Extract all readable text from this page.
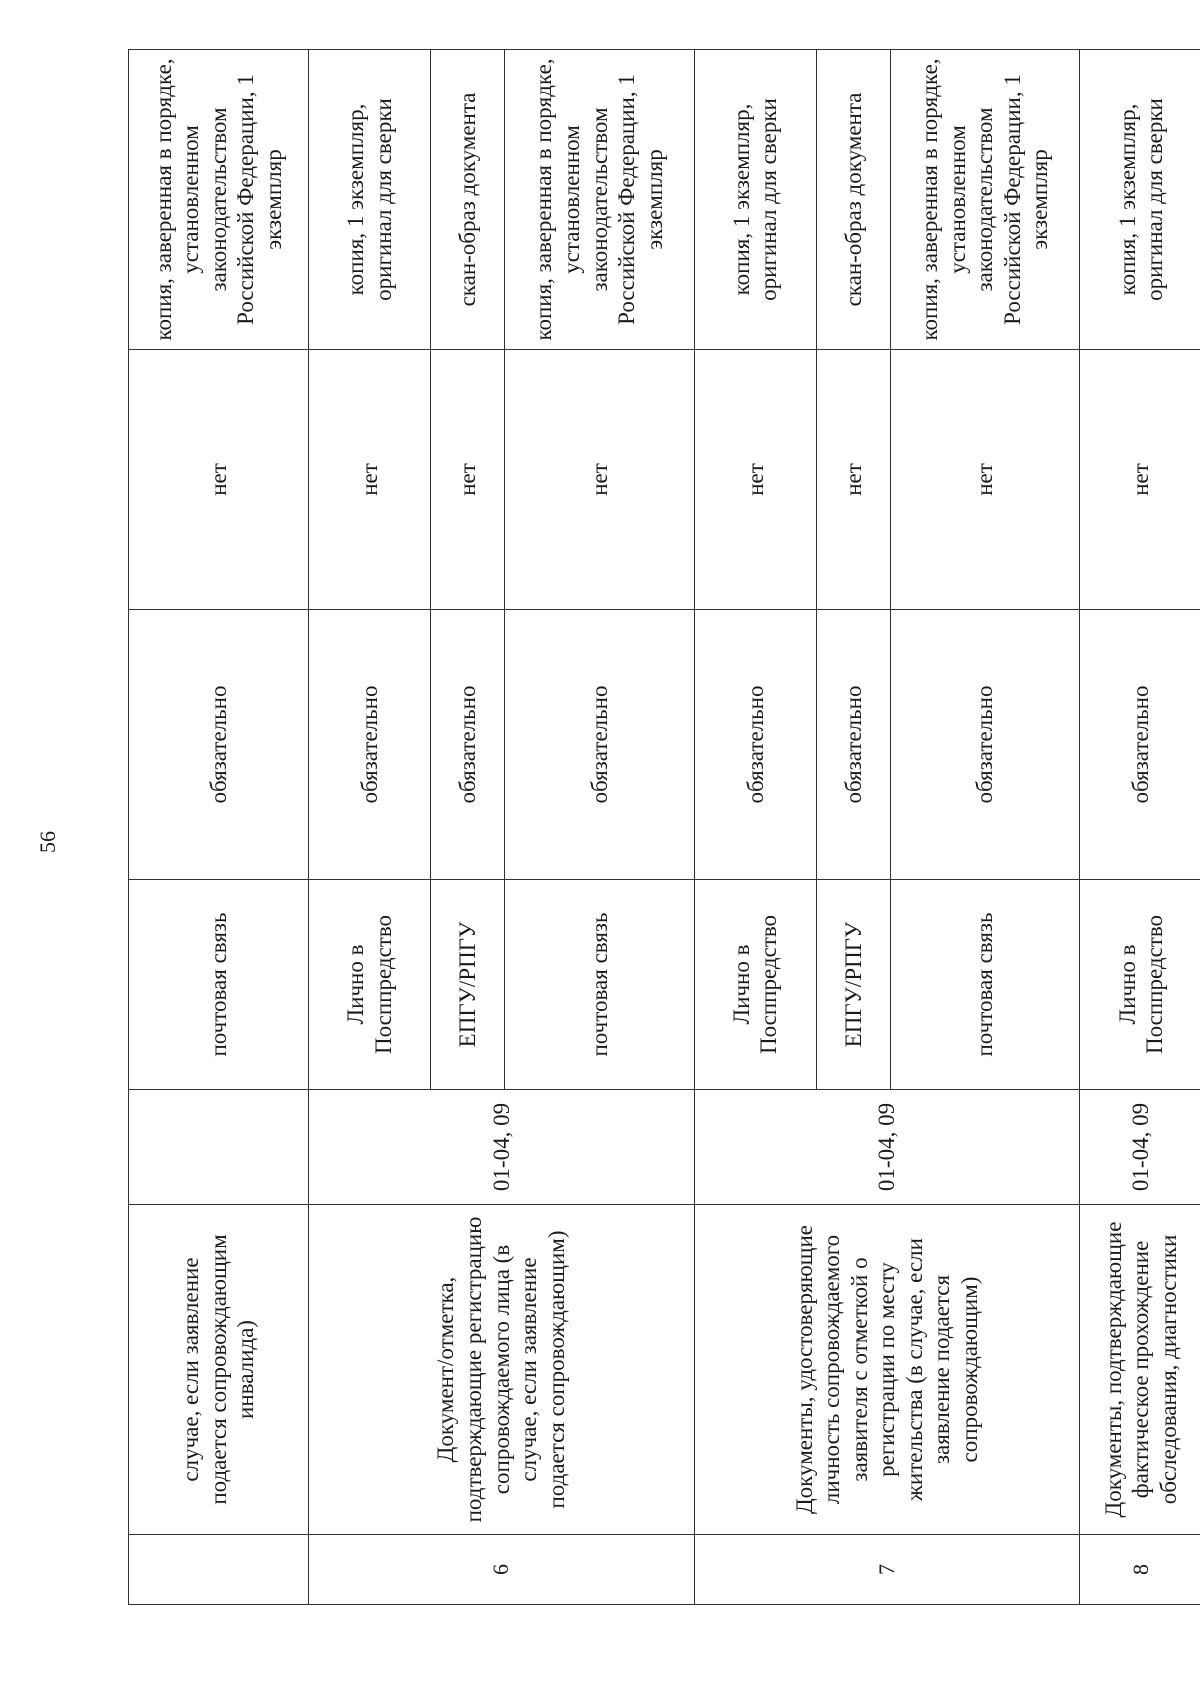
56
	случае, если заявление подается сопровождающим инвалида)		почтовая связь	обязательно	нет	копия, заверенная в порядке, установленном законодательством Российской Федерации, 1 экземпляр
6	Документ/отметка, подтверждающие регистрацию сопровождаемого лица (в случае, если заявление подается сопровождающим)	01-04, 09	Лично в Посппредство	обязательно	нет	копия, 1 экземпляр, оригинал для сверки
			ЕПГУ/РПГУ	обязательно	нет	скан-образ документа
			почтовая связь	обязательно	нет	копия, заверенная в порядке, установленном законодательством Российской Федерации, 1 экземпляр
7	Документы, удостоверяющие личность сопровождаемого заявителя с отметкой о регистрации по месту жительства (в случае, если заявление подается сопровождающим)	01-04, 09	Лично в Посппредство	обязательно	нет	копия, 1 экземпляр, оригинал для сверки
			ЕПГУ/РПГУ	обязательно	нет	скан-образ документа
			почтовая связь	обязательно	нет	копия, заверенная в порядке, установленном законодательством Российской Федерации, 1 экземпляр
8	Документы, подтверждающие фактическое прохождение обследования, диагностики	01-04, 09	Лично в Посппредство	обязательно	нет	копия, 1 экземпляр, оригинал для сверки
